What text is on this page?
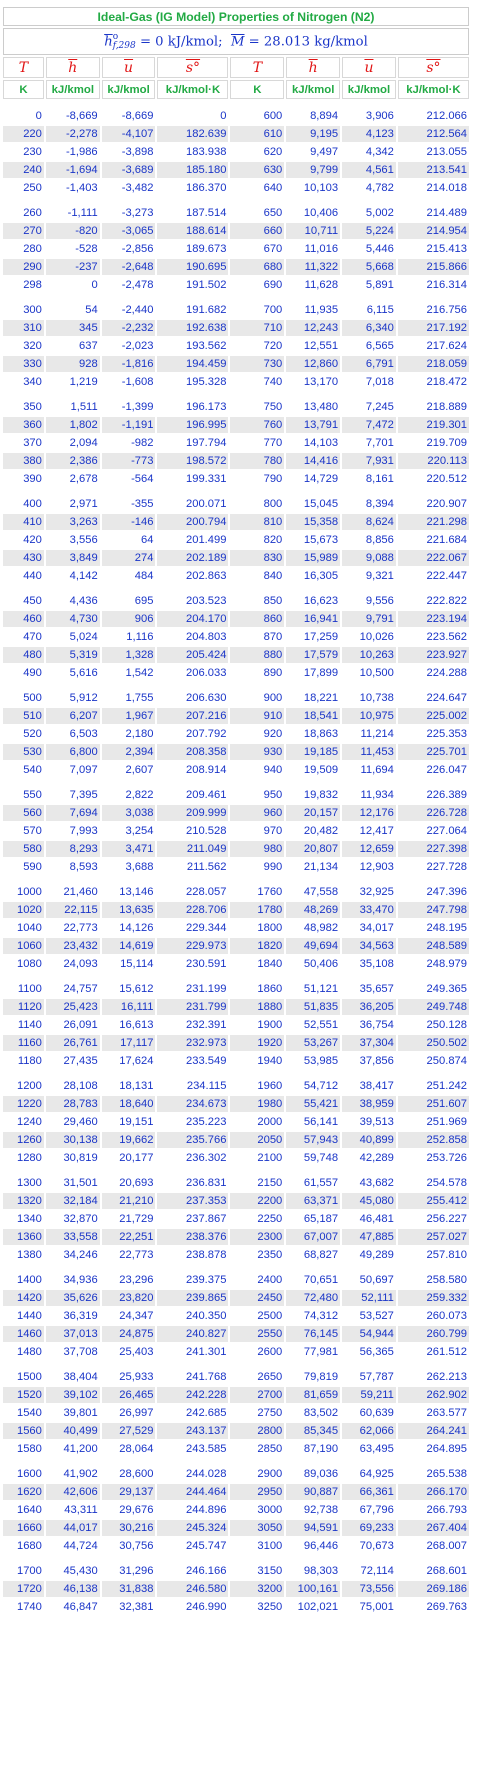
Ideal-Gas (IG Model) Properties of Nitrogen (N2)							
$\overline{h}o$
f,298 = 0 kJ/kmol;  $\overline{M} = 28.013$ kg/kmol							
T	$\overline{h}$	$\overline{u}$	s°	T	$\overline{h}$	$\overline{u}$	s°
K	kJ/kmol	kJ/kmol	kJ/kmol·K	K	kJ/kmol	kJ/kmol	kJ/kmol·K

0	-8,669	-8,669	0	600	8,894	3,906	212.066
220	-2,278	-4,107	182.639	610	9,195	4,123	212.564
230	-1,986	-3,898	183.938	620	9,497	4,342	213.055
240	-1,694	-3,689	185.180	630	9,799	4,561	213.541
250	-1,403	-3,482	186.370	640	10,103	4,782	214.018

260	-1,111	-3,273	187.514	650	10,406	5,002	214.489
270	-820	-3,065	188.614	660	10,711	5,224	214.954
280	-528	-2,856	189.673	670	11,016	5,446	215.413
290	-237	-2,648	190.695	680	11,322	5,668	215.866
298	0	-2,478	191.502	690	11,628	5,891	216.314

300	54	-2,440	191.682	700	11,935	6,115	216.756
310	345	-2,232	192.638	710	12,243	6,340	217.192
320	637	-2,023	193.562	720	12,551	6,565	217.624
330	928	-1,816	194.459	730	12,860	6,791	218.059
340	1,219	-1,608	195.328	740	13,170	7,018	218.472

350	1,511	-1,399	196.173	750	13,480	7,245	218.889
360	1,802	-1,191	196.995	760	13,791	7,472	219.301
370	2,094	-982	197.794	770	14,103	7,701	219.709
380	2,386	-773	198.572	780	14,416	7,931	220.113
390	2,678	-564	199.331	790	14,729	8,161	220.512

400	2,971	-355	200.071	800	15,045	8,394	220.907
410	3,263	-146	200.794	810	15,358	8,624	221.298
420	3,556	64	201.499	820	15,673	8,856	221.684
430	3,849	274	202.189	830	15,989	9,088	222.067
440	4,142	484	202.863	840	16,305	9,321	222.447

450	4,436	695	203.523	850	16,623	9,556	222.822
460	4,730	906	204.170	860	16,941	9,791	223.194
470	5,024	1,116	204.803	870	17,259	10,026	223.562
480	5,319	1,328	205.424	880	17,579	10,263	223.927
490	5,616	1,542	206.033	890	17,899	10,500	224.288

500	5,912	1,755	206.630	900	18,221	10,738	224.647
510	6,207	1,967	207.216	910	18,541	10,975	225.002
520	6,503	2,180	207.792	920	18,863	11,214	225.353
530	6,800	2,394	208.358	930	19,185	11,453	225.701
540	7,097	2,607	208.914	940	19,509	11,694	226.047

550	7,395	2,822	209.461	950	19,832	11,934	226.389
560	7,694	3,038	209.999	960	20,157	12,176	226.728
570	7,993	3,254	210.528	970	20,482	12,417	227.064
580	8,293	3,471	211.049	980	20,807	12,659	227.398
590	8,593	3,688	211.562	990	21,134	12,903	227.728

1000	21,460	13,146	228.057	1760	47,558	32,925	247.396
1020	22,115	13,635	228.706	1780	48,269	33,470	247.798
1040	22,773	14,126	229.344	1800	48,982	34,017	248.195
1060	23,432	14,619	229.973	1820	49,694	34,563	248.589
1080	24,093	15,114	230.591	1840	50,406	35,108	248.979

1100	24,757	15,612	231.199	1860	51,121	35,657	249.365
1120	25,423	16,111	231.799	1880	51,835	36,205	249.748
1140	26,091	16,613	232.391	1900	52,551	36,754	250.128
1160	26,761	17,117	232.973	1920	53,267	37,304	250.502
1180	27,435	17,624	233.549	1940	53,985	37,856	250.874

1200	28,108	18,131	234.115	1960	54,712	38,417	251.242
1220	28,783	18,640	234.673	1980	55,421	38,959	251.607
1240	29,460	19,151	235.223	2000	56,141	39,513	251.969
1260	30,138	19,662	235.766	2050	57,943	40,899	252.858
1280	30,819	20,177	236.302	2100	59,748	42,289	253.726

1300	31,501	20,693	236.831	2150	61,557	43,682	254.578
1320	32,184	21,210	237.353	2200	63,371	45,080	255.412
1340	32,870	21,729	237.867	2250	65,187	46,481	256.227
1360	33,558	22,251	238.376	2300	67,007	47,885	257.027
1380	34,246	22,773	238.878	2350	68,827	49,289	257.810

1400	34,936	23,296	239.375	2400	70,651	50,697	258.580
1420	35,626	23,820	239.865	2450	72,480	52,111	259.332
1440	36,319	24,347	240.350	2500	74,312	53,527	260.073
1460	37,013	24,875	240.827	2550	76,145	54,944	260.799
1480	37,708	25,403	241.301	2600	77,981	56,365	261.512

1500	38,404	25,933	241.768	2650	79,819	57,787	262.213
1520	39,102	26,465	242.228	2700	81,659	59,211	262.902
1540	39,801	26,997	242.685	2750	83,502	60,639	263.577
1560	40,499	27,529	243.137	2800	85,345	62,066	264.241
1580	41,200	28,064	243.585	2850	87,190	63,495	264.895

1600	41,902	28,600	244.028	2900	89,036	64,925	265.538
1620	42,606	29,137	244.464	2950	90,887	66,361	266.170
1640	43,311	29,676	244.896	3000	92,738	67,796	266.793
1660	44,017	30,216	245.324	3050	94,591	69,233	267.404
1680	44,724	30,756	245.747	3100	96,446	70,673	268.007

1700	45,430	31,296	246.166	3150	98,303	72,114	268.601
1720	46,138	31,838	246.580	3200	100,161	73,556	269.186
1740	46,847	32,381	246.990	3250	102,021	75,001	269.763
